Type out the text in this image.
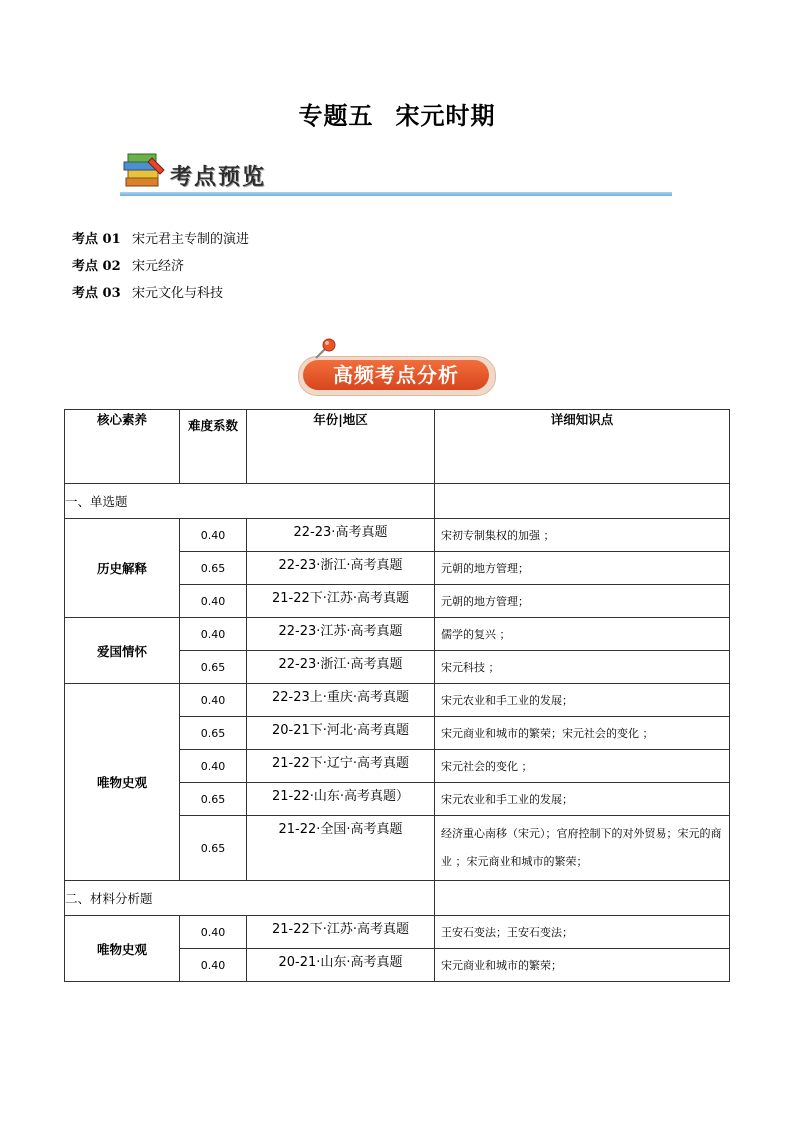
专题五 宋元时期
考点预览
考点 01 宋元君主专制的演进
考点 02 宋元经济
考点 03 宋元文化与科技
高频考点分析
核心素养	难度系数	年份|地区	详细知识点
一、单选题			
历史解释	0.40	22-23·高考真题	宋初专制集权的加强 ；
	0.65	22-23·浙江·高考真题	元朝的地方管理；
	0.40	21-22下·江苏·高考真题	元朝的地方管理；
爱国情怀	0.40	22-23·江苏·高考真题	儒学的复兴 ；
	0.65	22-23·浙江·高考真题	宋元科技 ；
唯物史观	0.40	22-23上·重庆·高考真题	宋元农业和手工业的发展；
	0.65	20-21下·河北·高考真题	宋元商业和城市的繁荣；宋元社会的变化 ；
	0.40	21-22下·辽宁·高考真题	宋元社会的变化 ；
	0.65	21-22·山东·高考真题）	宋元农业和手工业的发展；
	0.65	21-22·全国·高考真题	经济重心南移（宋元）；官府控制下的对外贸易；宋元的商业 ；宋元商业和城市的繁荣；
二、材料分析题			
唯物史观	0.40	21-22下·江苏·高考真题	王安石变法；王安石变法；
	0.40	20-21·山东·高考真题	宋元商业和城市的繁荣；
